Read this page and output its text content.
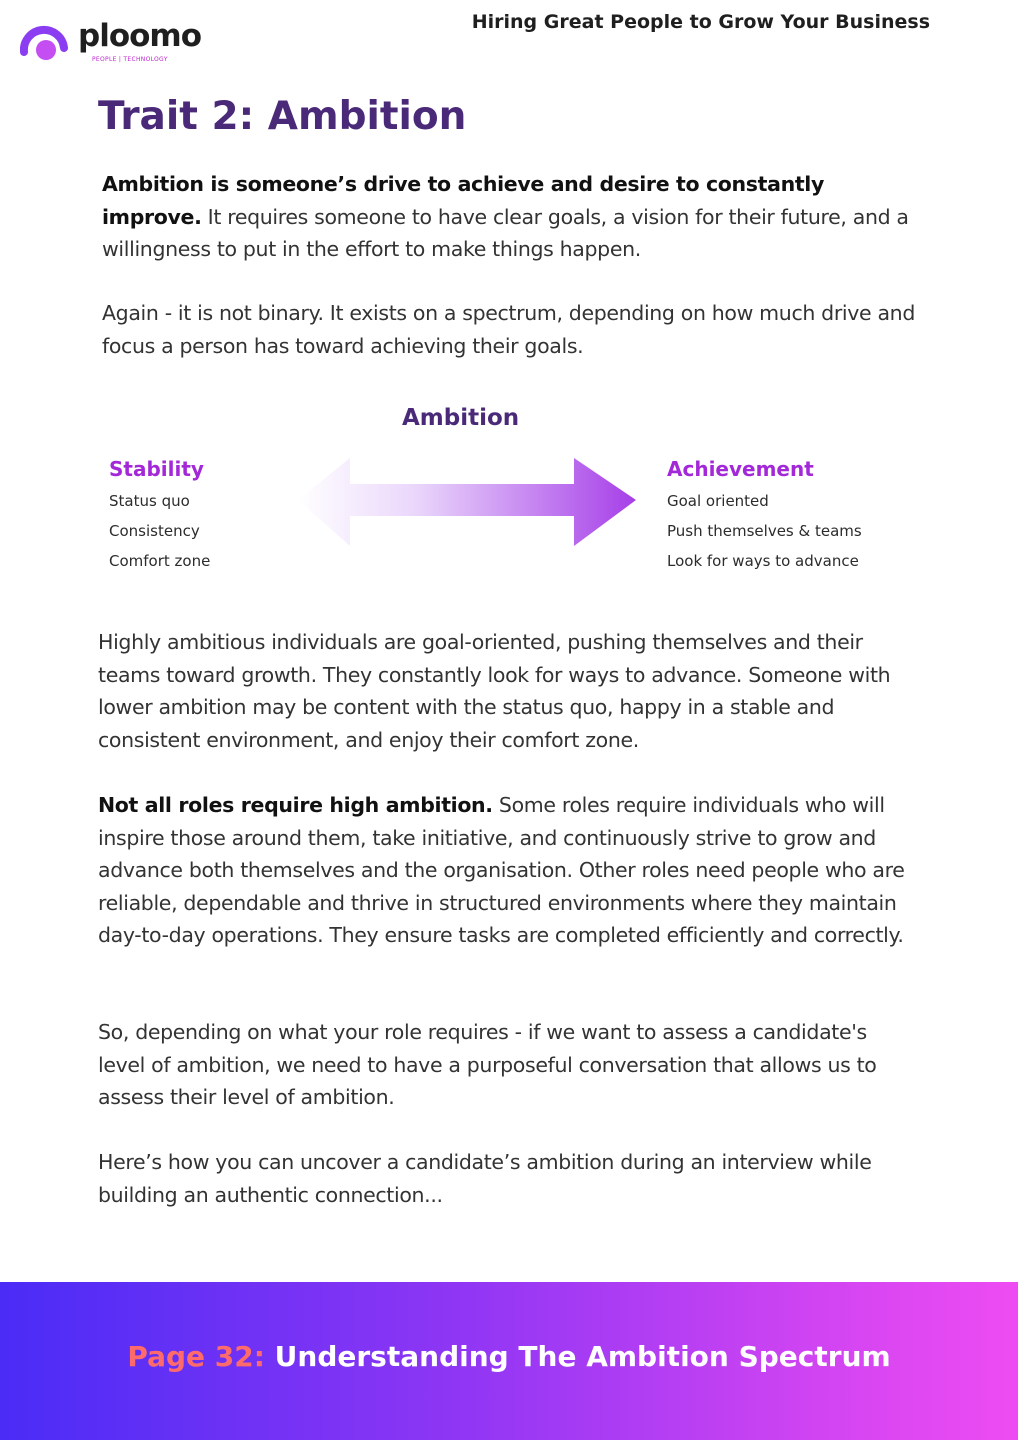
ploomo
PEOPLE | TECHNOLOGY
Hiring Great People to Grow Your Business
Trait 2: Ambition

Ambition is someone’s drive to achieve and desire to constantly improve. It requires someone to have clear goals, a vision for their future, and a willingness to put in the effort to make things happen.

Again - it is not binary. It exists on a spectrum, depending on how much drive and focus a person has toward achieving their goals.

Ambition
Stability
Status quo
Consistency
Comfort zone
Achievement
Goal oriented
Push themselves & teams
Look for ways to advance

Highly ambitious individuals are goal-oriented, pushing themselves and their teams toward growth. They constantly look for ways to advance. Someone with lower ambition may be content with the status quo, happy in a stable and consistent environment, and enjoy their comfort zone.

Not all roles require high ambition. Some roles require individuals who will inspire those around them, take initiative, and continuously strive to grow and advance both themselves and the organisation. Other roles need people who are reliable, dependable and thrive in structured environments where they maintain day-to-day operations. They ensure tasks are completed efficiently and correctly.

So, depending on what your role requires - if we want to assess a candidate's level of ambition, we need to have a purposeful conversation that allows us to assess their level of ambition.

Here’s how you can uncover a candidate’s ambition during an interview while building an authentic connection...

Page 32: Understanding The Ambition Spectrum
